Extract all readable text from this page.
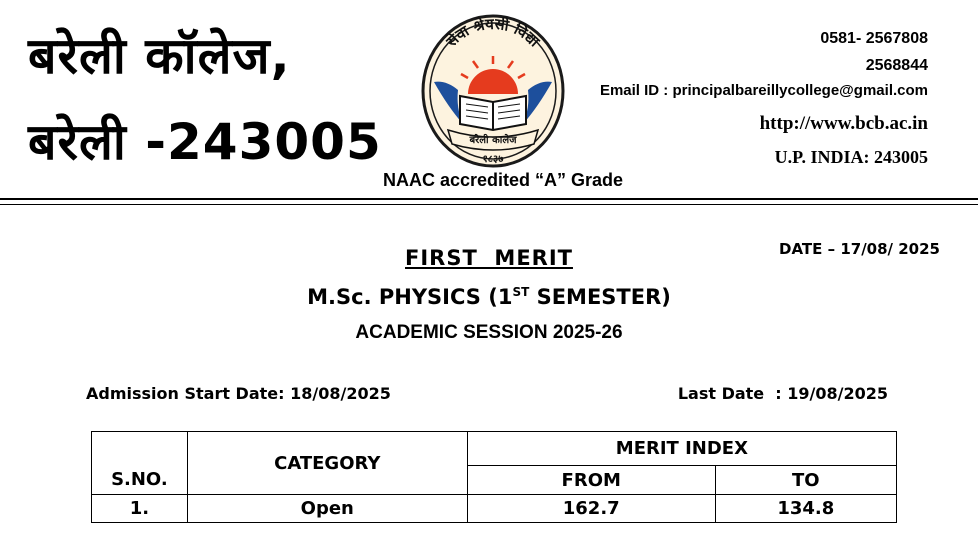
बरेली कॉलेज,
बरेली -243005
सेवा श्रेयसी विद्या
बरेली कालेज
१८३७
NAAC accredited “A” Grade
0581- 2567808
2568844
Email ID : principalbareillycollege@gmail.com
http://www.bcb.ac.in
U.P. INDIA: 243005
DATE – 17/08/ 2025
FIRST  MERIT
M.Sc. PHYSICS (1ST SEMESTER)
ACADEMIC SESSION 2025-26
Admission Start Date: 18/08/2025	Last Date  : 19/08/2025
S.NO.	CATEGORY	MERIT INDEX	
		FROM	TO
1.	Open	162.7	134.8
